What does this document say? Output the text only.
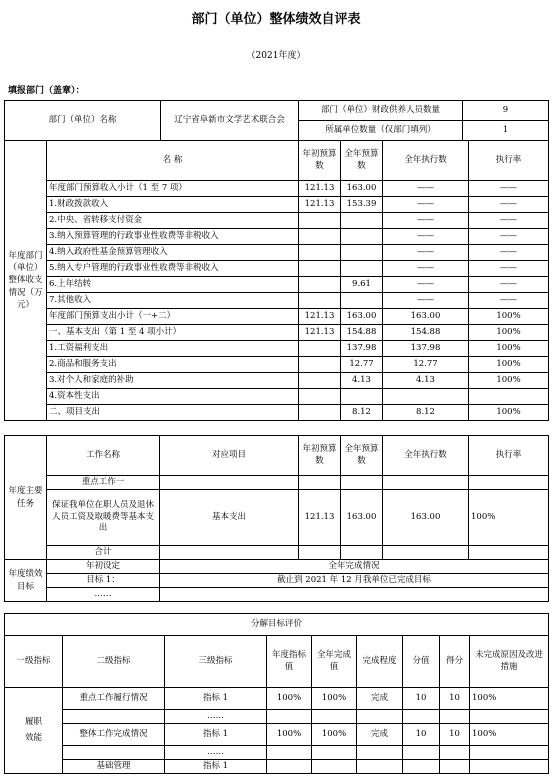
部门（单位）整体绩效自评表
（2021年度）
填报部门（盖章）：
部门（单位）名称	辽宁省阜新市文学艺术联合会	部门（单位）财政供养人员数量	9
		所属单位数量（仅部门填列）	1
年度部门（单位）整体收支情况（万元）	名 称	年初预算数	全年预算数	全年执行数	执行率
	年度部门预算收入小计（1 至 7 项）	121.13	163.00	——	——
	1.财政拨款收入	121.13	153.39	——	——
	2.中央、省转移支付资金			——	——
	3.纳入预算管理的行政事业性收费等非税收入			——	——
	4.纳入政府性基金预算管理收入			——	——
	5.纳入专户管理的行政事业性收费等非税收入			——	——
	6.上年结转		9.61	——	——
	7.其他收入			——	——
	年度部门预算支出小计（一+二）	121.13	163.00	163.00	100%
	一、基本支出（第 1 至 4 项小计）	121.13	154.88	154.88	100%
	1.工资福利支出		137.98	137.98	100%
	2.商品和服务支出		12.77	12.77	100%
	3.对个人和家庭的补助		4.13	4.13	100%
	4.资本性支出				
	二、项目支出		8.12	8.12	100%
年度主要任务	工作名称	对应项目	年初预算数	全年预算数	全年执行数	执行率
	重点工作一					
	保证我单位在职人员及退休人员工资及取暖费等基本支出	基本支出	121.13	163.00	163.00	100%
	合计					
年度绩效目标	年初设定	全年完成情况
	目标 1：	截止到 2021 年 12 月我单位已完成目标
	……	
分解目标评价								
一级指标	二级指标	三级指标	年度指标值	全年完成值	完成程度	分值	得分	未完成原因及改进措施
履职效能	重点工作履行情况	指标 1	100%	100%	完成	10	10	100%
		……						
	整体工作完成情况	指标 1	100%	100%	完成	10	10	100%
		……						
	基础管理	指标 1						
